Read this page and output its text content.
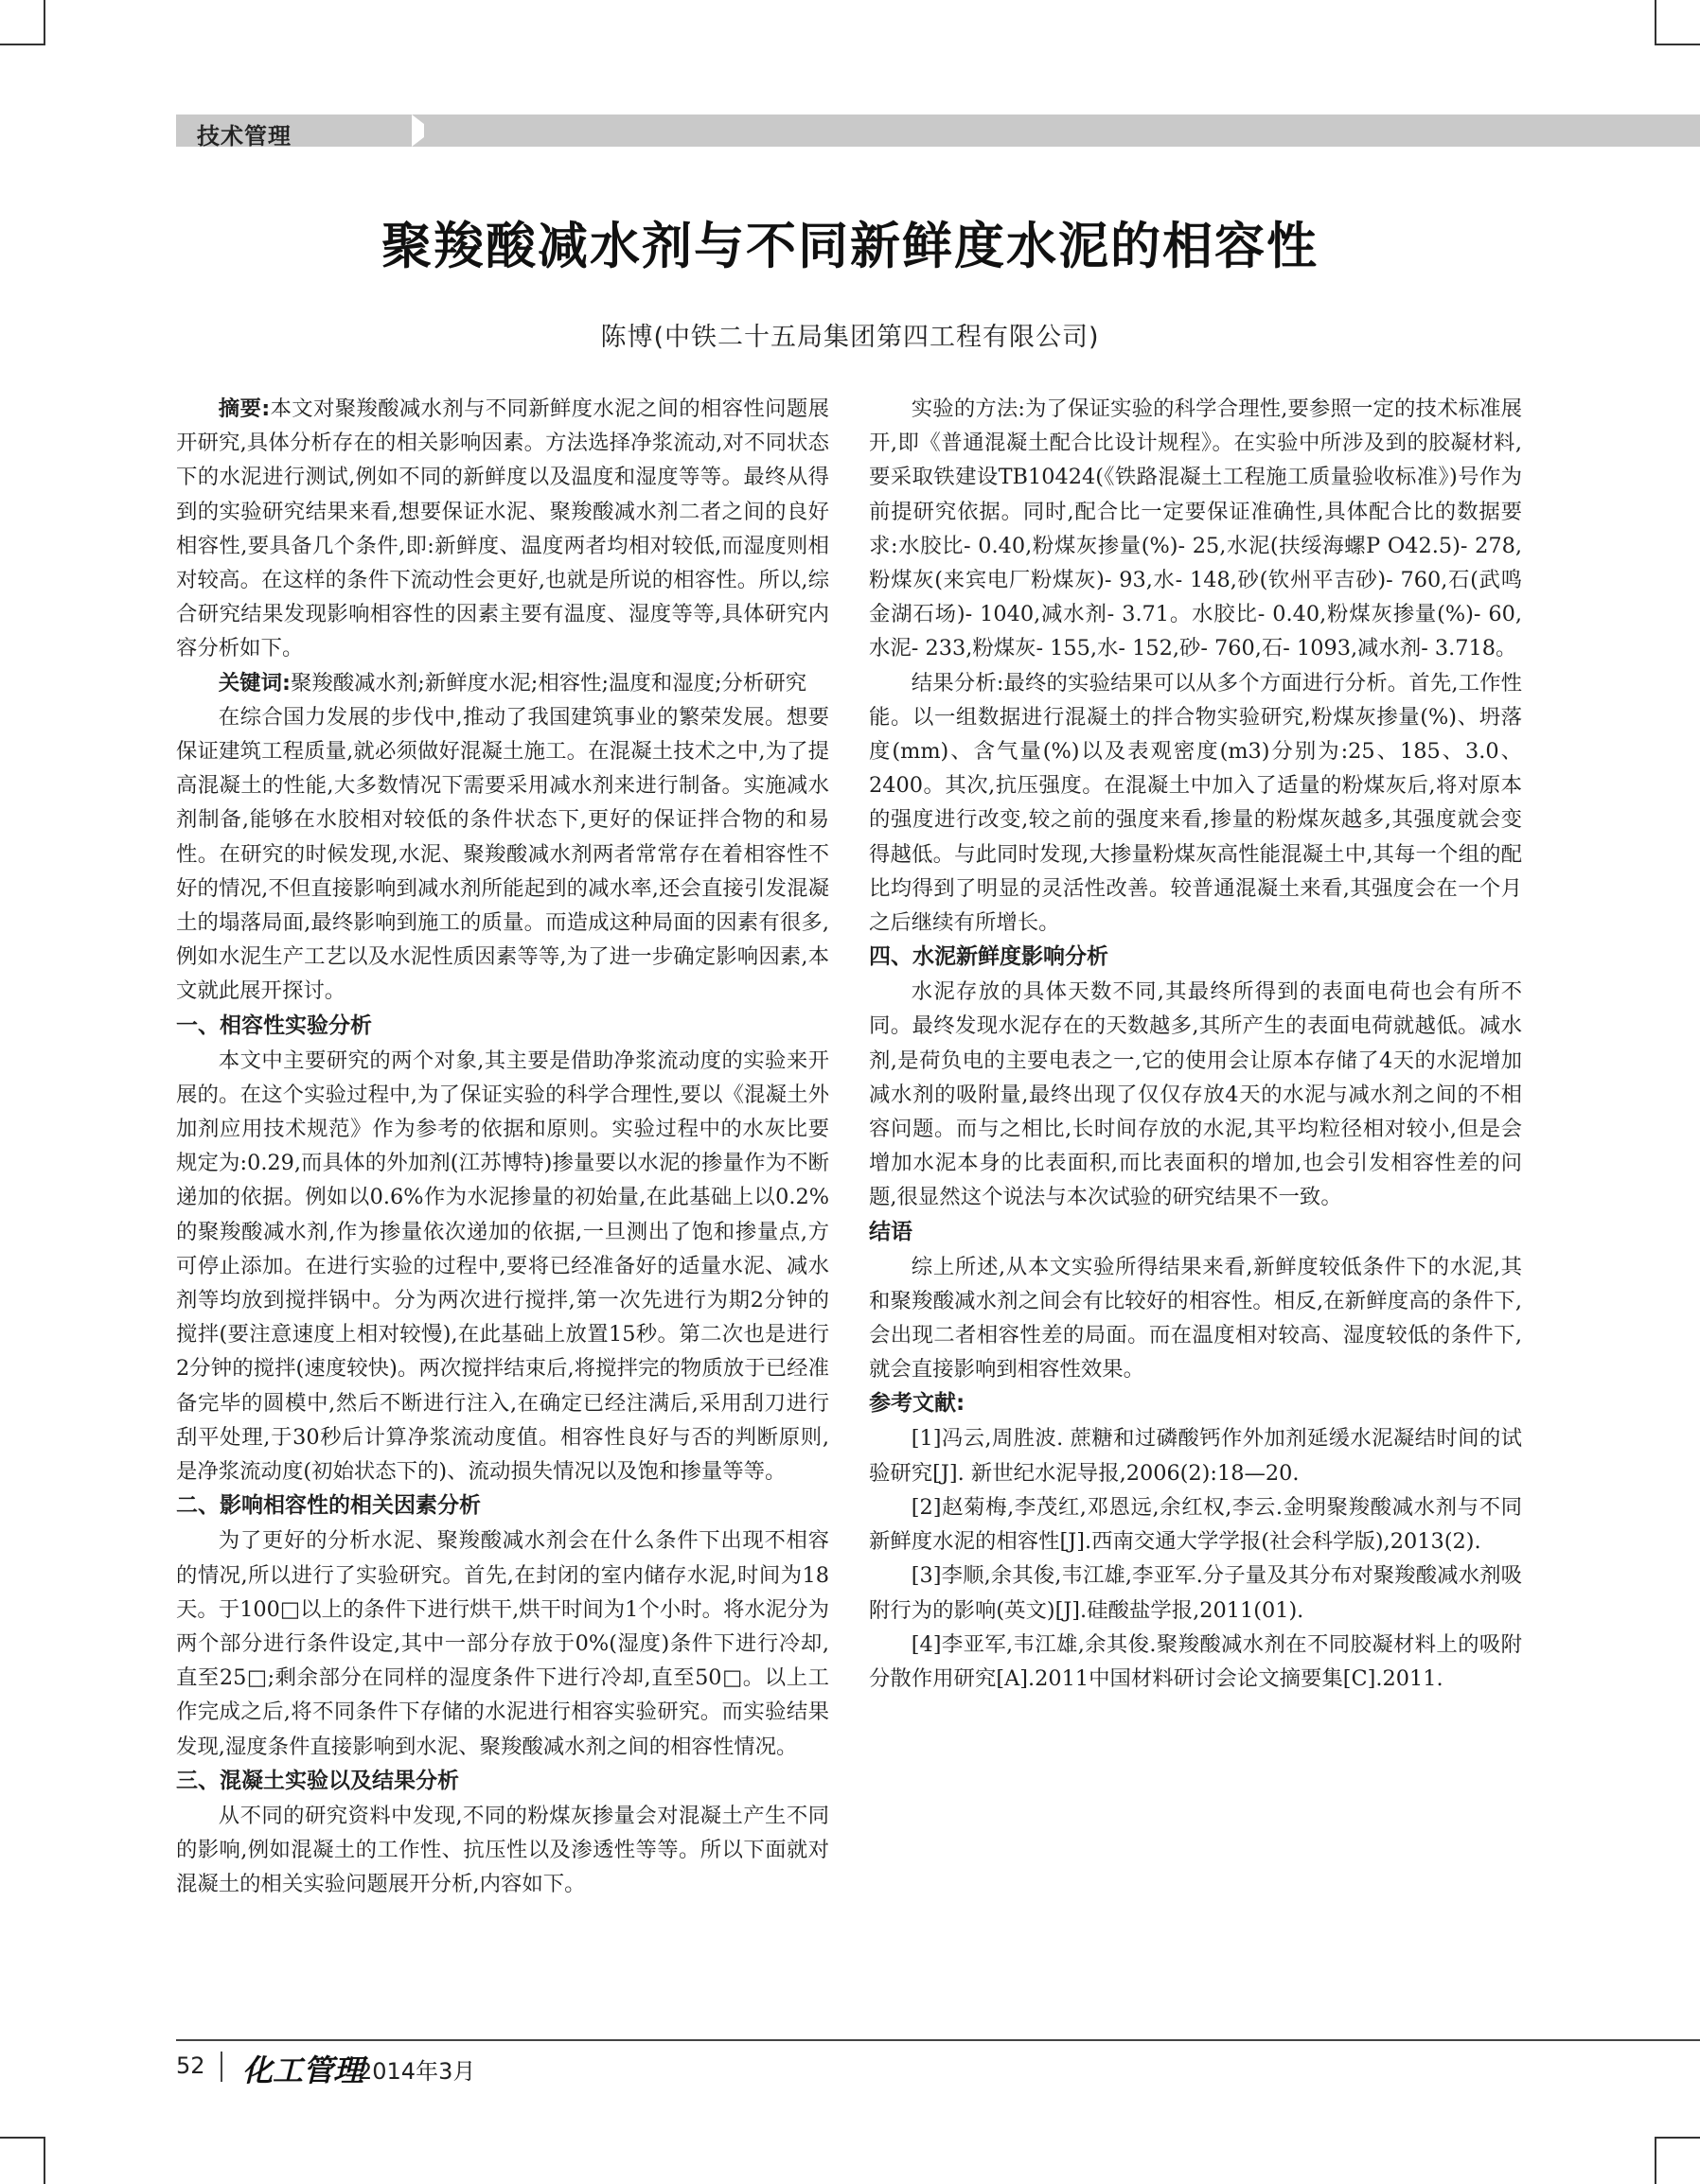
技术管理
聚羧酸减水剂与不同新鲜度水泥的相容性
陈博(中铁二十五局集团第四工程有限公司)

摘要:本文对聚羧酸减水剂与不同新鲜度水泥之间的相容性问题展开研究,具体分析存在的相关影响因素。方法选择净浆流动,对不同状态下的水泥进行测试,例如不同的新鲜度以及温度和湿度等等。最终从得到的实验研究结果来看,想要保证水泥、聚羧酸减水剂二者之间的良好相容性,要具备几个条件,即:新鲜度、温度两者均相对较低,而湿度则相对较高。在这样的条件下流动性会更好,也就是所说的相容性。所以,综合研究结果发现影响相容性的因素主要有温度、湿度等等,具体研究内容分析如下。

关键词:聚羧酸减水剂;新鲜度水泥;相容性;温度和湿度;分析研究

在综合国力发展的步伐中,推动了我国建筑事业的繁荣发展。想要保证建筑工程质量,就必须做好混凝土施工。在混凝土技术之中,为了提高混凝土的性能,大多数情况下需要采用减水剂来进行制备。实施减水剂制备,能够在水胶相对较低的条件状态下,更好的保证拌合物的和易性。在研究的时候发现,水泥、聚羧酸减水剂两者常常存在着相容性不好的情况,不但直接影响到减水剂所能起到的减水率,还会直接引发混凝土的塌落局面,最终影响到施工的质量。而造成这种局面的因素有很多,例如水泥生产工艺以及水泥性质因素等等,为了进一步确定影响因素,本文就此展开探讨。

一、相容性实验分析

本文中主要研究的两个对象,其主要是借助净浆流动度的实验来开展的。在这个实验过程中,为了保证实验的科学合理性,要以《混凝土外加剂应用技术规范》作为参考的依据和原则。实验过程中的水灰比要规定为:0.29,而具体的外加剂(江苏博特)掺量要以水泥的掺量作为不断递加的依据。例如以0.6%作为水泥掺量的初始量,在此基础上以0.2%的聚羧酸减水剂,作为掺量依次递加的依据,一旦测出了饱和掺量点,方可停止添加。在进行实验的过程中,要将已经准备好的适量水泥、减水剂等均放到搅拌锅中。分为两次进行搅拌,第一次先进行为期2分钟的搅拌(要注意速度上相对较慢),在此基础上放置15秒。第二次也是进行2分钟的搅拌(速度较快)。两次搅拌结束后,将搅拌完的物质放于已经准备完毕的圆模中,然后不断进行注入,在确定已经注满后,采用刮刀进行刮平处理,于30秒后计算净浆流动度值。相容性良好与否的判断原则,是净浆流动度(初始状态下的)、流动损失情况以及饱和掺量等等。

二、影响相容性的相关因素分析

为了更好的分析水泥、聚羧酸减水剂会在什么条件下出现不相容的情况,所以进行了实验研究。首先,在封闭的室内储存水泥,时间为18天。于100□以上的条件下进行烘干,烘干时间为1个小时。将水泥分为两个部分进行条件设定,其中一部分存放于0%(湿度)条件下进行冷却,直至25□;剩余部分在同样的湿度条件下进行冷却,直至50□。以上工作完成之后,将不同条件下存储的水泥进行相容实验研究。而实验结果发现,湿度条件直接影响到水泥、聚羧酸减水剂之间的相容性情况。

三、混凝土实验以及结果分析

从不同的研究资料中发现,不同的粉煤灰掺量会对混凝土产生不同的影响,例如混凝土的工作性、抗压性以及渗透性等等。所以下面就对混凝土的相关实验问题展开分析,内容如下。

实验的方法:为了保证实验的科学合理性,要参照一定的技术标准展开,即《普通混凝土配合比设计规程》。在实验中所涉及到的胶凝材料,要采取铁建设TB10424(《铁路混凝土工程施工质量验收标准》)号作为前提研究依据。同时,配合比一定要保证准确性,具体配合比的数据要求:水胶比- 0.40,粉煤灰掺量(%)- 25,水泥(扶绥海螺P O42.5)- 278,粉煤灰(来宾电厂粉煤灰)- 93,水- 148,砂(钦州平吉砂)- 760,石(武鸣金湖石场)- 1040,减水剂- 3.71。水胶比- 0.40,粉煤灰掺量(%)- 60,水泥- 233,粉煤灰- 155,水- 152,砂- 760,石- 1093,减水剂- 3.718。

结果分析:最终的实验结果可以从多个方面进行分析。首先,工作性能。以一组数据进行混凝土的拌合物实验研究,粉煤灰掺量(%)、坍落度(mm)、含气量(%)以及表观密度(m3)分别为:25、185、3.0、2400。其次,抗压强度。在混凝土中加入了适量的粉煤灰后,将对原本的强度进行改变,较之前的强度来看,掺量的粉煤灰越多,其强度就会变得越低。与此同时发现,大掺量粉煤灰高性能混凝土中,其每一个组的配比均得到了明显的灵活性改善。较普通混凝土来看,其强度会在一个月之后继续有所增长。

四、水泥新鲜度影响分析

水泥存放的具体天数不同,其最终所得到的表面电荷也会有所不同。最终发现水泥存在的天数越多,其所产生的表面电荷就越低。减水剂,是荷负电的主要电表之一,它的使用会让原本存储了4天的水泥增加减水剂的吸附量,最终出现了仅仅存放4天的水泥与减水剂之间的不相容问题。而与之相比,长时间存放的水泥,其平均粒径相对较小,但是会增加水泥本身的比表面积,而比表面积的增加,也会引发相容性差的问题,很显然这个说法与本次试验的研究结果不一致。

结语

综上所述,从本文实验所得结果来看,新鲜度较低条件下的水泥,其和聚羧酸减水剂之间会有比较好的相容性。相反,在新鲜度高的条件下,会出现二者相容性差的局面。而在温度相对较高、湿度较低的条件下,就会直接影响到相容性效果。

参考文献:

[1]冯云,周胜波. 蔗糖和过磷酸钙作外加剂延缓水泥凝结时间的试验研究[J]. 新世纪水泥导报,2006(2):18—20.

[2]赵菊梅,李茂红,邓恩远,余红权,李云.金明聚羧酸减水剂与不同新鲜度水泥的相容性[J].西南交通大学学报(社会科学版),2013(2).

[3]李顺,余其俊,韦江雄,李亚军.分子量及其分布对聚羧酸减水剂吸附行为的影响(英文)[J].硅酸盐学报,2011(01).

[4]李亚军,韦江雄,余其俊.聚羧酸减水剂在不同胶凝材料上的吸附分散作用研究[A].2011中国材料研讨会论文摘要集[C].2011.

52 化工管理
2014年3月
